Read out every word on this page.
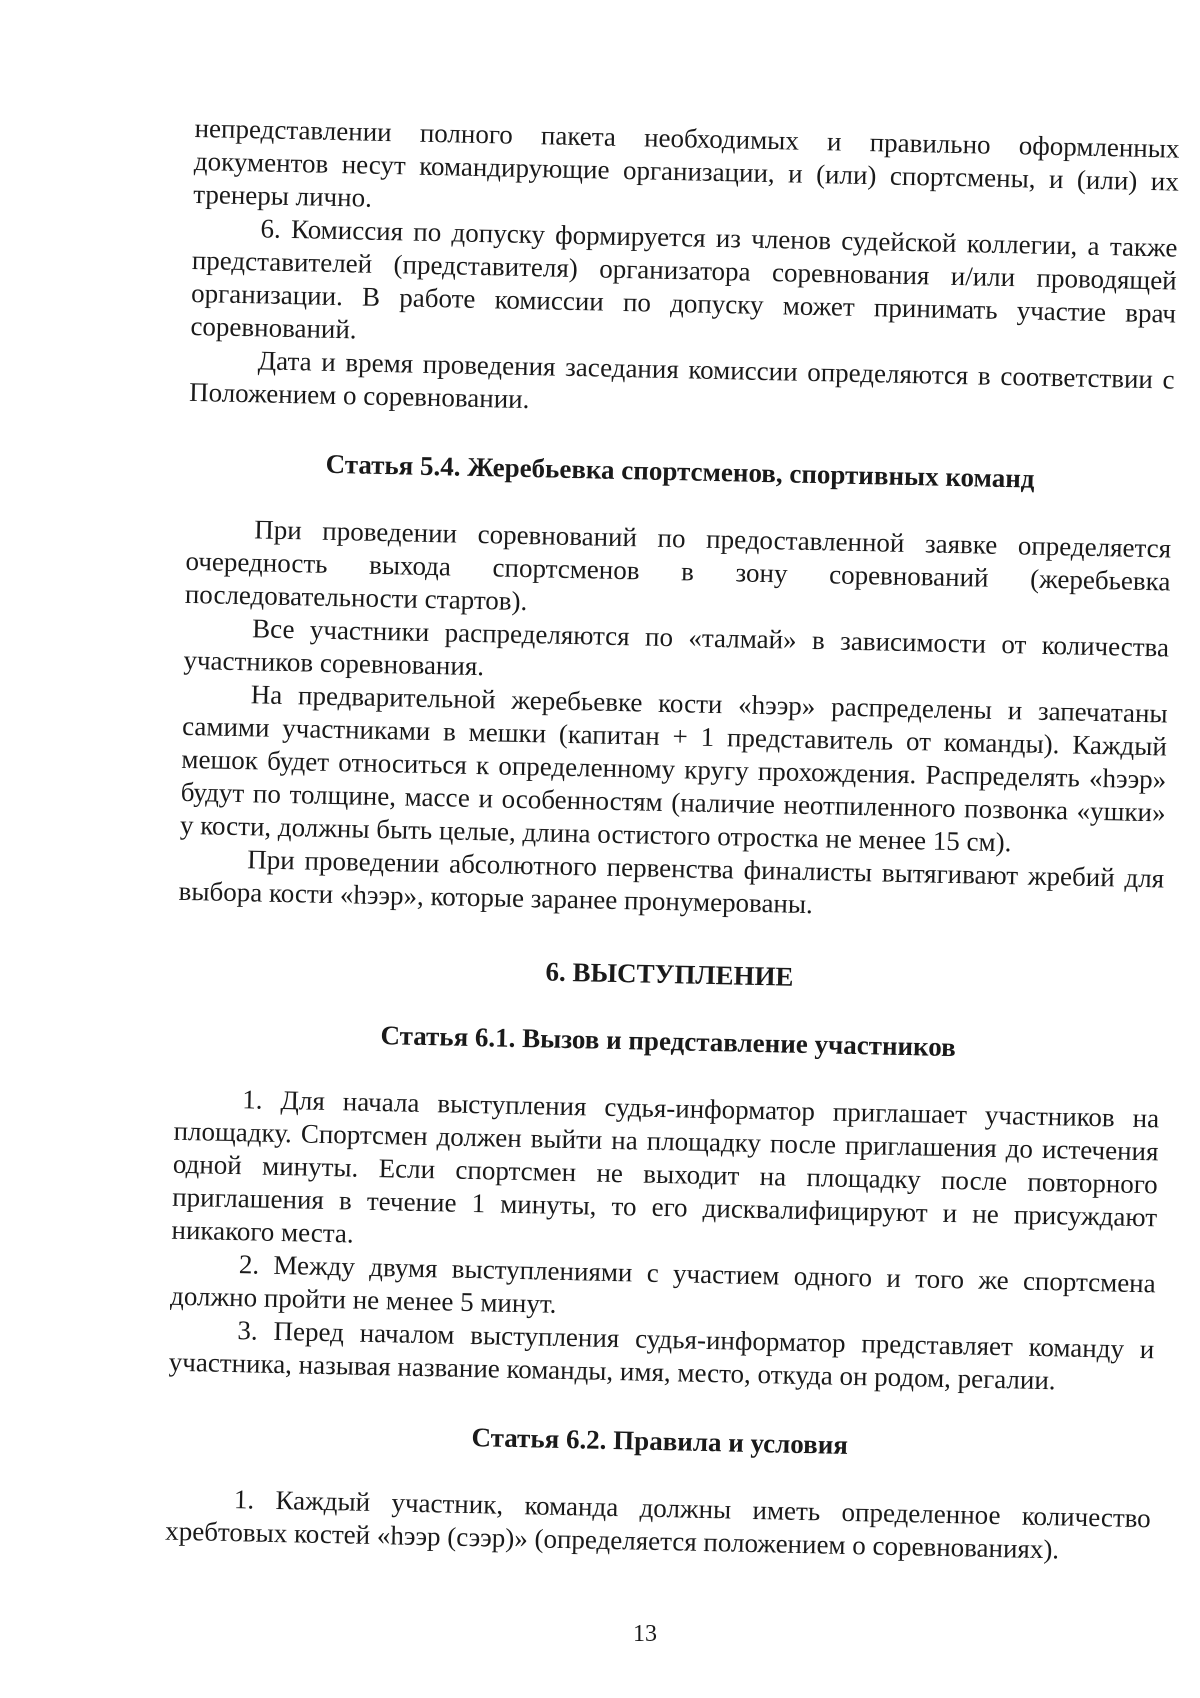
непредставлении полного пакета необходимых и правильно оформленных документов несут командирующие организации, и (или) спортсмены, и (или) их тренеры лично.

6. Комиссия по допуску формируется из членов судейской коллегии, а также представителей (представителя) организатора соревнования и/или проводящей организации. В работе комиссии по допуску может принимать участие врач соревнований.

Дата и время проведения заседания комиссии определяются в соответствии с Положением о соревновании.

Статья 5.4. Жеребьевка спортсменов, спортивных команд

При проведении соревнований по предоставленной заявке определяется очередность выхода спортсменов в зону соревнований (жеребьевка последовательности стартов).

Все участники распределяются по «талмай» в зависимости от количества участников соревнования.

На предварительной жеребьевке кости «hээр» распределены и запечатаны самими участниками в мешки (капитан + 1 представитель от команды). Каждый мешок будет относиться к определенному кругу прохождения. Распределять «hээр» будут по толщине, массе и особенностям (наличие неотпиленного позвонка «ушки» у кости, должны быть целые, длина остистого отростка не менее 15 см).

При проведении абсолютного первенства финалисты вытягивают жребий для выбора кости «hээр», которые заранее пронумерованы.

6. ВЫСТУПЛЕНИЕ
Статья 6.1. Вызов и представление участников

1. Для начала выступления судья-информатор приглашает участников на площадку. Спортсмен должен выйти на площадку после приглашения до истечения одной минуты. Если спортсмен не выходит на площадку после повторного приглашения в течение 1 минуты, то его дисквалифицируют и не присуждают никакого места.

2. Между двумя выступлениями с участием одного и того же спортсмена должно пройти не менее 5 минут.

3. Перед началом выступления судья-информатор представляет команду и участника, называя название команды, имя, место, откуда он родом, регалии.

Статья 6.2. Правила и условия

1. Каждый участник, команда должны иметь определенное количество хребтовых костей «hээр (сээр)» (определяется положением о соревнованиях).

13
